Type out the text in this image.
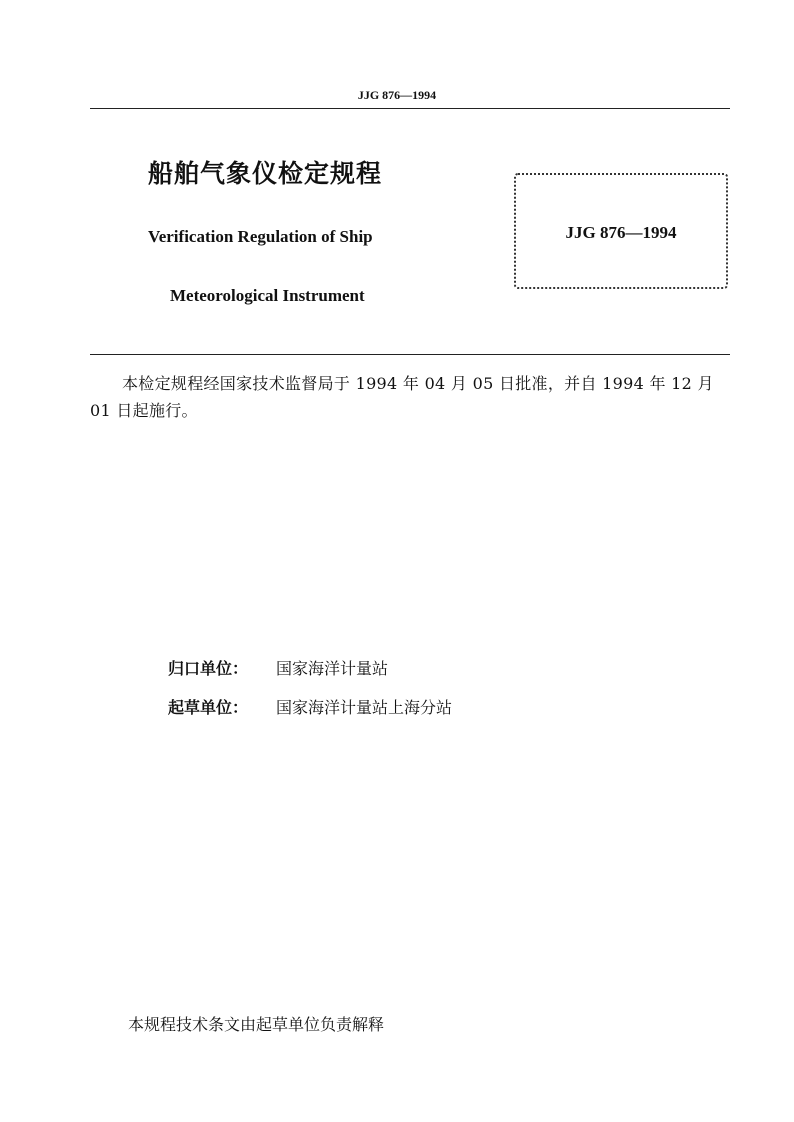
JJG 876—1994
船舶气象仪检定规程
Verification Regulation of Ship
Meteorological Instrument
JJG 876—1994
本检定规程经国家技术监督局于 1994 年 04 月 05 日批准，并自 1994 年 12 月 01 日起施行。
归口单位： 国家海洋计量站
起草单位： 国家海洋计量站上海分站
本规程技术条文由起草单位负责解释
